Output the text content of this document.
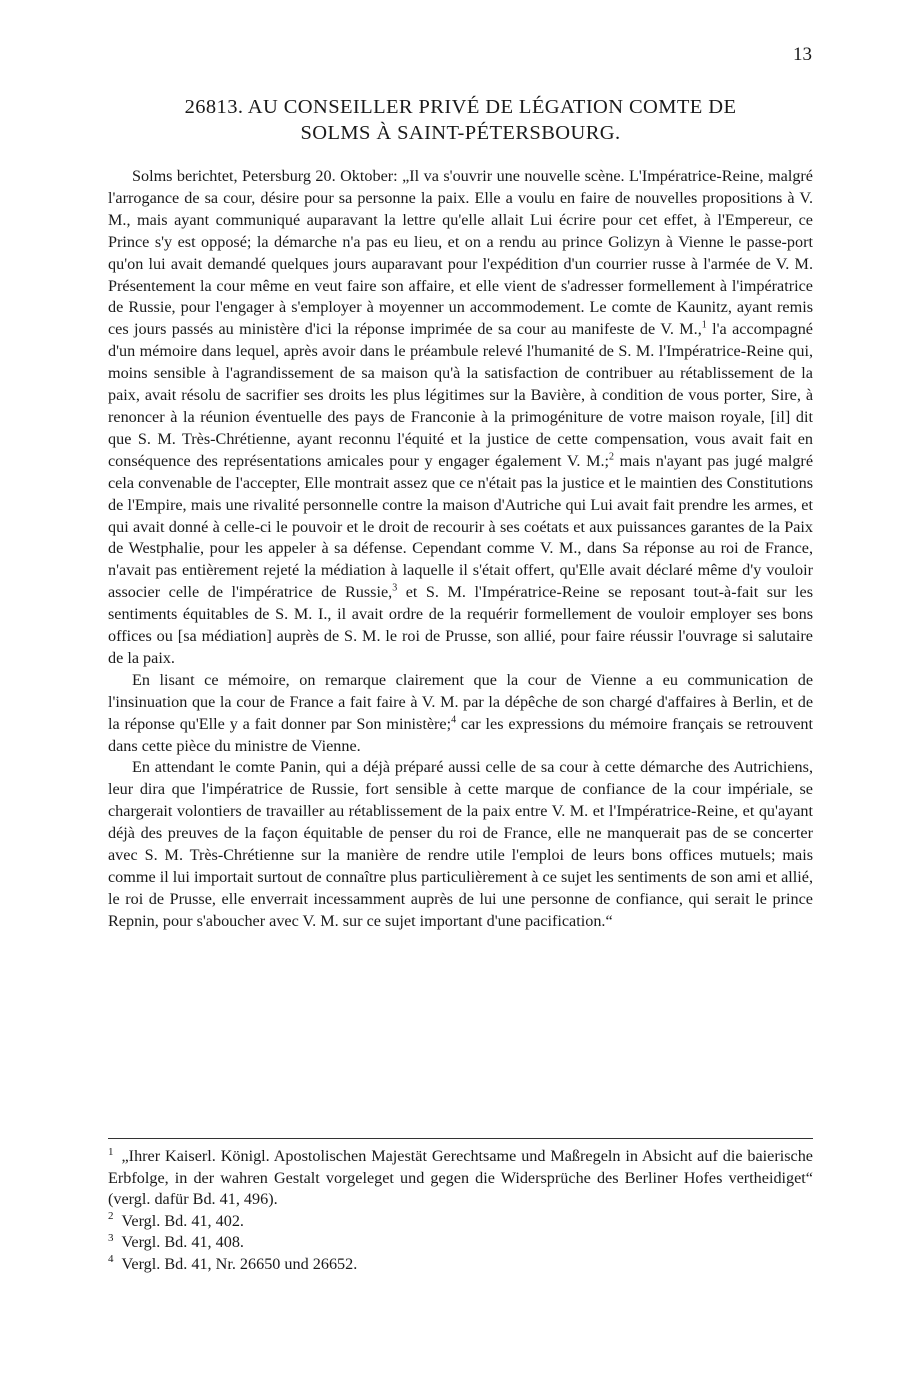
13
26813. AU CONSEILLER PRIVÉ DE LÉGATION COMTE DE
SOLMS À SAINT-PÉTERSBOURG.

Solms berichtet, Petersburg 20. Oktober: „Il va s'ouvrir une nouvelle scène. L'Impératrice-Reine, malgré l'arrogance de sa cour, désire pour sa personne la paix. Elle a voulu en faire de nouvelles propositions à V. M., mais ayant communiqué auparavant la lettre qu'elle allait Lui écrire pour cet effet, à l'Empereur, ce Prince s'y est opposé; la démarche n'a pas eu lieu, et on a rendu au prince Golizyn à Vienne le passe-port qu'on lui avait demandé quelques jours auparavant pour l'expédition d'un courrier russe à l'armée de V. M. Présentement la cour même en veut faire son affaire, et elle vient de s'adresser formellement à l'impératrice de Russie, pour l'engager à s'employer à moyenner un accommodement. Le comte de Kaunitz, ayant remis ces jours passés au ministère d'ici la réponse imprimée de sa cour au manifeste de V. M.,$^1$ l'a accompagné d'un mémoire dans lequel, après avoir dans le préambule relevé l'humanité de S. M. l'Impératrice-Reine qui, moins sensible à l'agrandissement de sa maison qu'à la satisfaction de contribuer au rétablissement de la paix, avait résolu de sacrifier ses droits les plus légitimes sur la Bavière, à condition de vous porter, Sire, à renoncer à la réunion éventuelle des pays de Franconie à la primogéniture de votre maison royale, [il] dit que S. M. Très-Chrétienne, ayant reconnu l'équité et la justice de cette compensation, vous avait fait en conséquence des représentations amicales pour y engager également V. M.;$^2$ mais n'ayant pas jugé malgré cela convenable de l'accepter, Elle montrait assez que ce n'était pas la justice et le maintien des Constitutions de l'Empire, mais une rivalité personnelle contre la maison d'Autriche qui Lui avait fait prendre les armes, et qui avait donné à celle-ci le pouvoir et le droit de recourir à ses coétats et aux puissances garantes de la Paix de Westphalie, pour les appeler à sa défense. Cependant comme V. M., dans Sa réponse au roi de France, n'avait pas entièrement rejeté la médiation à laquelle il s'était offert, qu'Elle avait déclaré même d'y vouloir associer celle de l'impératrice de Russie,$^3$ et S. M. l'Impératrice-Reine se reposant tout-à-fait sur les sentiments équitables de S. M. I., il avait ordre de la requérir formellement de vouloir employer ses bons offices ou [sa médiation] auprès de S. M. le roi de Prusse, son allié, pour faire réussir l'ouvrage si salutaire de la paix.

En lisant ce mémoire, on remarque clairement que la cour de Vienne a eu communication de l'insinuation que la cour de France a fait faire à V. M. par la dépêche de son chargé d'affaires à Berlin, et de la réponse qu'Elle y a fait donner par Son ministère;$^4$ car les expressions du mémoire français se retrouvent dans cette pièce du ministre de Vienne.

En attendant le comte Panin, qui a déjà préparé aussi celle de sa cour à cette démarche des Autrichiens, leur dira que l'impératrice de Russie, fort sensible à cette marque de confiance de la cour impériale, se chargerait volontiers de travailler au rétablissement de la paix entre V. M. et l'Impératrice-Reine, et qu'ayant déjà des preuves de la façon équitable de penser du roi de France, elle ne manquerait pas de se concerter avec S. M. Très-Chrétienne sur la manière de rendre utile l'emploi de leurs bons offices mutuels; mais comme il lui importait surtout de connaître plus particulièrement à ce sujet les sentiments de son ami et allié, le roi de Prusse, elle enverrait incessamment auprès de lui une personne de confiance, qui serait le prince Repnin, pour s'aboucher avec V. M. sur ce sujet important d'une pacification.“

$^1$ „Ihrer Kaiserl. Königl. Apostolischen Majestät Gerechtsame und Maßregeln in Absicht auf die baierische Erbfolge, in der wahren Gestalt vorgeleget und gegen die Widersprüche des Berliner Hofes vertheidiget“ (vergl. dafür Bd. 41, 496).

$^2$ Vergl. Bd. 41, 402.

$^3$ Vergl. Bd. 41, 408.

$^4$ Vergl. Bd. 41, Nr. 26650 und 26652.
